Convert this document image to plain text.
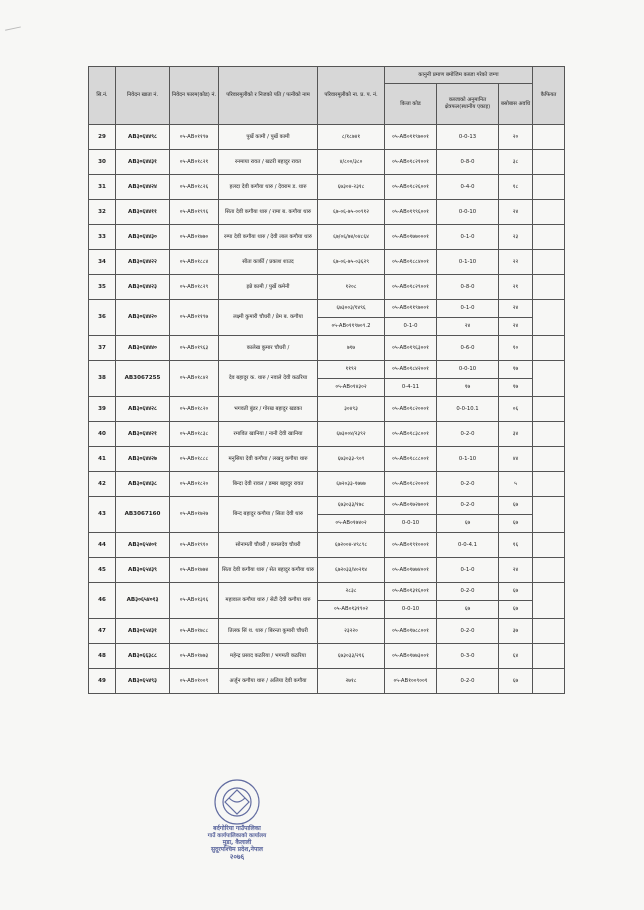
सि.नं.	निवेदन खाता नं.	निवेदन फारम(कोड) नं.	परिवारमूलीको र निजको पति / पत्नीको नाम	परिवारमूलीको ना. प्र. प. नं.	कानुनी प्रमाण बमोजिम कब्जा गरेको जग्गा			कैफियत
					कित्ता कोड	कब्जाको अनुमानित क्षेत्रफल(स्थानीय एकाइ)	बसोबास अवधि	
29	AB३०६४४९८	०५-AB०११९७	पुर्खे कामी / पुर्खे कामी	८/१८७४१	०५-AB०११९७००१	0-0-13	२०	
30	AB३०६४४३१	०५-AB०१८२१	रनमाया रावत / खटरी बहादुर रावत	४/८००/३८०	०५-AB०१८२१००१	0-8-0	३८	
31	AB३०६४४२४	०५-AB०१८२६	हलदा देवी कगौया थारु / देवराम ड. थारु	६७३०४-२३१८	०५-AB०१८२६००१	0-4-0	१८	
32	AB३०६४४११	०५-AB०१९९६	सिता देवी कगौया थारु / रामा ब. कगौया थारु	६७-०६-७५-००९१२	०५-AB०१९९६००१	0-0-10	२४	
33	AB३०६४४३०	०५-AB०१७७०	रम्पा देवी कगौया थारु / देवी लाल कगौया थारु	६७/०६/७४/०४८६४	०५-AB०१७७०००१	0-1-0	२३	
34	AB३०६४४२२	०५-AB०१८८४	सीता कार्की / प्रकाश शाउद	६७-०६-७५-०३६२९	०५-AB०१८८४००१	0-1-10	२२	
35	AB३०६४४२३	०५-AB०१८२९	इन्ने कामी / पुर्खे कमेनी	१२०८	०५-AB०१८२९००१	0-8-0	२१	
36	AB३०६४४२०	०५-AB०११९७	लक्ष्मी कुमारी चौधरी / प्रेम ब. कगौया	६७३००३/१४९६	०५-AB०११९७००१	0-1-0	२४	
				०५-AB०११९७०९.2	0-1-0	२४	२४	
37	AB३०६४४४०	०५-AB०१९६३	कालेख कुमार चौधरी /	७१७	०५-AB०१९६३००१	0-6-0	१०	
38	AB3067255	०५-AB०१८४२	देव बहादुर क. थारु / नवाले देवी कठरिया	११९२	०५-AB०१८४२००१	0-0-10	१७	
				०५-AB०१४३०२	0-4-11	१७	१७	
39	AB३०६४४२८	०५-AB०१८२०	भगवती बुंडर / गोरख बहादुर खडका	३०४९३	०५-AB०१८२०००१	0-0-10.1	०६	
40	AB३०६४४२१	०५-AB०१८३८	रमावित खानिया / नानी देवी खानिया	६७३००४/२३९२	०५-AB०१८३८००१	0-2-0	३४	
41	AB३०६४४२७	०५-AB०१८८८	मनुसिया देवी कगौया / लखनु कगौया थारु	६७३०३३-९०९	०५-AB०१८८८००१	0-1-10	४४	
42	AB३०६४४३८	०५-AB०१८२०	बिन्दा देवी रावल / डम्बर बहादुर रावत	६७२०३३-१७७७	०५-AB०१८२०००१	0-2-0	५	
43	AB3067160	०५-AB०१७२७	बिन्द बहादुर कगौया / सिता देवी थारु	६७३०३३/१७८	०५-AB०१७२७००१	0-2-0	६७	
				०५-AB०१७४०२	0-0-10	६७	६७	
44	AB३०६५४०१	०५-AB०१९१०	सोनामती चौधरी / कमलदेव चौधरी	६७२००४-४९८९८	०५-AB०१९१०००१	0-0-4.1	१६	
45	AB३०६५४३९	०५-AB०१७७४	सिता देवी कगौया थारु / सेत बहादुर कगौया थारु	६७२०३३/४०२१४	०५-AB०१७७४००१	0-1-0	२४	
46	AB३०६५४०१३	०५-AB०१३१६	महावाल कगौया थारु / सेटी देवी कगौया थारु	२८३८	०५-AB०१३१६००१	0-2-0	६७	
				०५-AB०१३१९०२	0-0-10	६७	६७	
47	AB३०६५४३१	०५-AB०१७८८	तिलक सिं थ. थारु / बिरन्ता कुमारी चौधरी	२३२२०	०५-AB०१७८८००१	0-2-0	३७	
48	AB३०६६३८८	०५-AB०१७७३	महेन्द्र प्रसाद कठरिया / भगमती कठरिया	६७३०३३/२१६	०५-AB०१७७३००१	0-3-0	६४	
49	AB३०६५४९३	०५-AB०१००९	अर्जुन कगौया थारु / अलिया देवी कगौया	२७१८	०५-AB१००९००१	0-2-0	६७	
बर्दगोरिया गाउँपालिका
गाउँ कार्यपालिकाको कार्यालय
मुडा, कैलाली
सुदूरपश्चिम प्रदेश,नेपाल
२०७६
